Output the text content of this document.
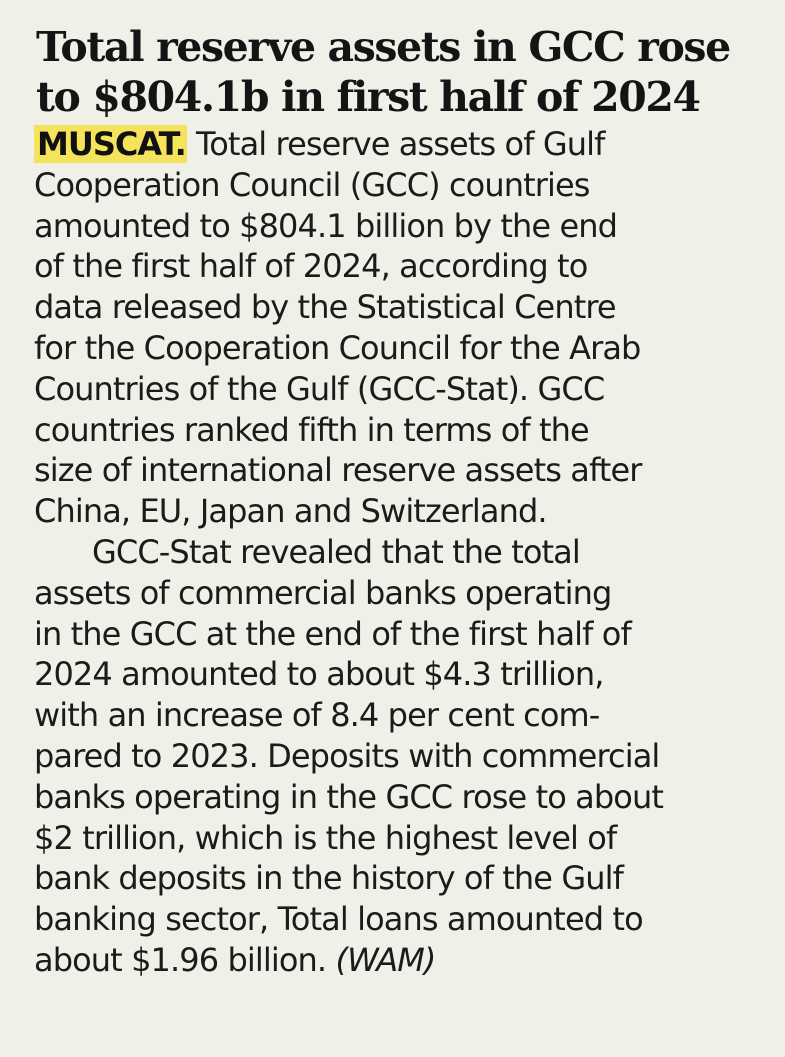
Total reserve assets in GCC rose
to $804.1b in first half of 2024
MUSCAT. Total reserve assets of Gulf
Cooperation Council (GCC) countries
amounted to $804.1 billion by the end
of the first half of 2024, according to
data released by the Statistical Centre
for the Cooperation Council for the Arab
Countries of the Gulf (GCC-Stat). GCC
countries ranked fifth in terms of the
size of international reserve assets after
China, EU, Japan and Switzerland.
GCC-Stat revealed that the total
assets of commercial banks operating
in the GCC at the end of the first half of
2024 amounted to about $4.3 trillion,
with an increase of 8.4 per cent com-
pared to 2023. Deposits with commercial
banks operating in the GCC rose to about
$2 trillion, which is the highest level of
bank deposits in the history of the Gulf
banking sector, Total loans amounted to
about $1.96 billion. (WAM)
